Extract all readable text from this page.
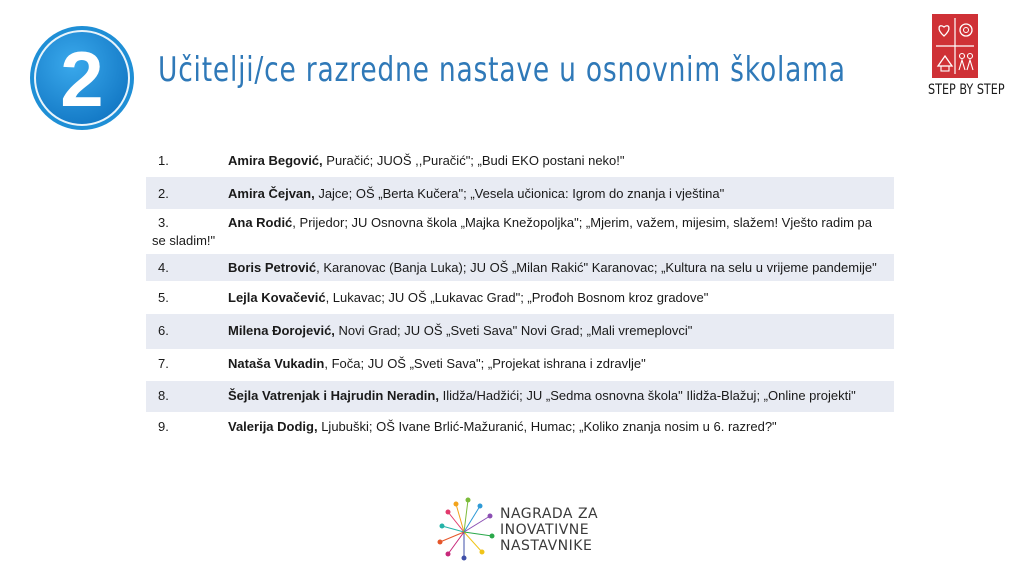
2 Učitelji/ce razredne nastave u osnovnim školama	STEP BY STEP
1.	Amira Begović, Puračić; JUOŠ ,,Puračić"; „Budi EKO postani neko!"
2.	Amira Čejvan, Jajce; OŠ „Berta Kučera"; „Vesela učionica: Igrom do znanja i vještina"
3.	Ana Rodić, Prijedor; JU Osnovna škola „Majka Knežopoljka"; „Mjerim, važem, mijesim, slažem! Vješto radim pa se sladim!"
4.	Boris Petrović, Karanovac (Banja Luka); JU OŠ „Milan Rakić" Karanovac; „Kultura na selu u vrijeme pandemije"
5.	Lejla Kovačević, Lukavac; JU OŠ „Lukavac Grad"; „Prođoh Bosnom kroz gradove"
6.	Milena Đorojević, Novi Grad; JU OŠ „Sveti Sava" Novi Grad; „Mali vremeplovci"
7.	Nataša Vukadin, Foča; JU OŠ „Sveti Sava"; „Projekat ishrana i zdravlje"
8.	Šejla Vatrenjak i Hajrudin Neradin, Ilidža/Hadžići; JU „Sedma osnovna škola" Ilidža-Blažuj; „Online projekti"
9.	Valerija Dodig, Ljubuški; OŠ Ivane Brlić-Mažuranić, Humac; „Koliko znanja nosim u 6. razred?"
NAGRADA ZA
INOVATIVNE
NASTAVNIKE
